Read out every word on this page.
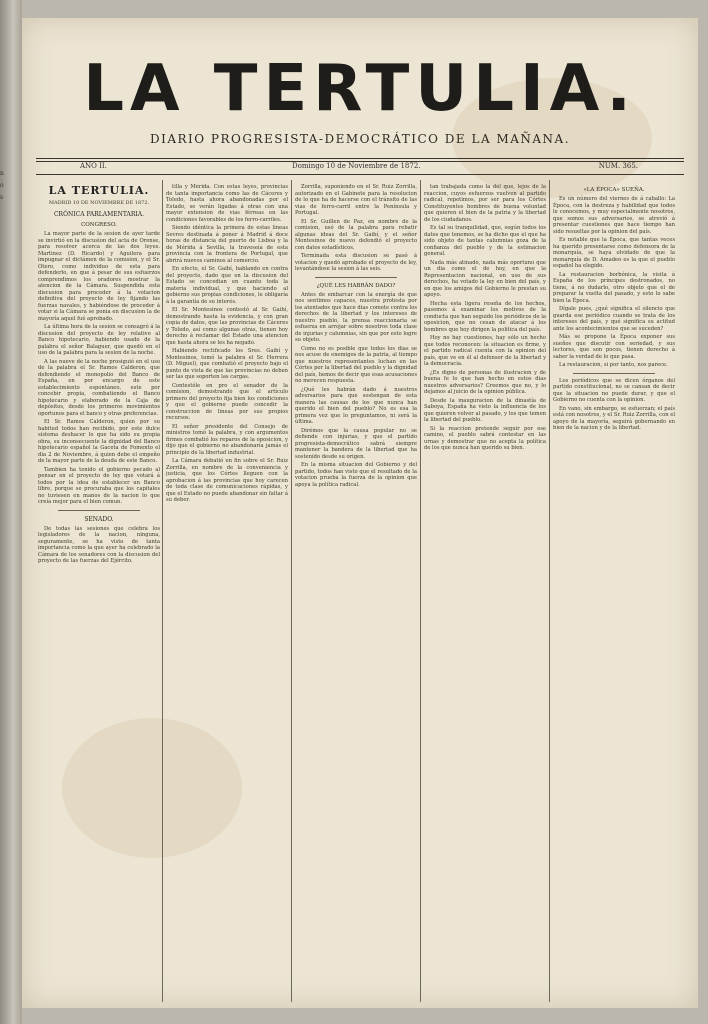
n
o
s
LA TERTULIA.
DIARIO PROGRESISTA-DEMOCRÁTICO DE LA MAÑANA.
AÑO II.	Domingo 10 de Noviembre de 1872.	NÚM. 365.
LA TERTULIA.
MADRID 10 DE NOVIEMBRE DE 1872.
CRÓNICA PARLAMENTARIA.
CONGRESO.

La mayor parte de la sesion de ayer tarde se invirtió en la discusion del acta de Orense, para resolver acerca de las dos leyes. Martinez (D. Ricardo) y Aguilera para impugnar el dictámen de la comision, y el Sr. Otero, como individuo de esta para defenderlo, en que á pesar de sus esfuerzos comprendimos los oradores mostrar la atencion de la Cámara. Suspendida esta discusion para proceder á la votacion definitiva del proyecto de ley fijando las fuerzas navales, y habiéndose de proceder á votar si la Cámara se ponia en discusion la de mayoría aquel fué aprobado.

La última hora de la sesion se consagró á la discusion del proyecto de ley relativo al Banco hipotecario, habiendo usado de la palabra el señor Balaguer, que quedó en el uso de la palabra para la sesion de la noche.

A las nueve de la noche prosiguió en el uso de la palabra el Sr. Ramos Calderon, que defendiendo el monopolio del Banco de España, en por encargo de este establecimiento espontáneo, este por concebir propia, combatiendo el Banco hipotecario y elaborado de la Caja de depósitos, desde los primeros movimientos oportunos para el banco y otras preferencias.

El Sr. Ramos Calderon, quien por su habitud todos han recibido, por este dulce sistema deshacer lo que ha sido su propia obra, su inconsecuente la dignidad del Banco hipotecario español la Gaceta de Fomento el dia 2 de Noviembre, á quien debe el empeño de la mayor parte de la deuda de este Banco.

Tambien ha tenido el gobierno pecado al pensar en el proyecto de ley que votará á todos por la idea de establecer un Banco libre, porque se procuraba que los capitales no tuviesen en manos de la nacion lo que creía mejor para el bien comun.

SENADO.

De todas las sesiones que celebra los legisladores de la nacion, ninguna, seguramente, se ha visto de tanta importancia como la que ayer ha celebrado la Cámara de los senadores con la discusion del proyecto de las fuerzas del Ejército.

tilla y Mérida. Con estas leyes, provincias de tanta importancia como las de Cáceres y Toledo, hasta ahora abandonadas por el Estado, se verán ligadas á otras con una mayor extension de vias férreas en las condiciones favorables de los ferro-carriles.

Siendo idéntica la primera de estas lineas Sevres destinada á poner á Madrid á doce horas de distancia del puerto de Lisboa y la de Mérida á Sevilla, la traveseía de esta provincia con la frontera de Portugal, que abrirá nuevos caminos al comercio.

En efecto, el Sr. Gaibí, hablando en contra del proyecto, dado que en la discusion del Estado se concedian en cuanto toda la materia individual, y que haciendo al gobierno sus propias condiciones, le obligaría á la garantía de su interés.

El Sr. Montesinos contestó al Sr. Gaibí, demostrando hasta la evidencia, y con gran copia de datos, que las provincias de Cáceres y Toledo, así como algunas otras, tienen hoy derecho á reclamar del Estado una atencion que hasta ahora se les ha negado.

Habiendo rectificado los Sres. Gaibí y Montesinos, tomó la palabra el Sr. Herrera (D. Miguel), que combatió el proyecto bajo el punto de vista de que las provincias no deben ser las que soporten las cargas.

Contestóle en pro el senador de la comision, demostrando que el artículo primero del proyecto fija bien los condiciones y que el gobierno puede concedir la construccion de lineas por sus propios recursos.

El señor presidente del Consejo de ministros tomó la palabra, y con argumentos firmes combatió los reparos de la oposicion, y dijo que el gobierno no abandonaría jamás el principio de la libertad industrial.

La Cámara debatió en fin sobre el Sr. Ruiz Zorrilla, en nombre de la conveniencia y justicia, que los Córtes lleguen con la aprobacion á las provincias que hoy carecen de toda clase de comunicaciones rápidas, y que el Estado no puede abandonar sin faltar á su deber.

Zorrilla, suponiendo en el Sr. Ruiz Zorrilla, autorizado en el Gabinete para la resolucion de lo que ha de hacerse con el tránsito de las vias de ferro-carril entre la Península y Portugal.

El Sr. Guillen de Paz, en nombre de la comision, usó de la palabra para rebatir algunas ideas del Sr. Gaibí, y el señor Montesinos de nuevo defendió el proyecto con datos estadísticos.

Terminada esta discusion se pasó á votacion y quedó aprobado el proyecto de ley, levantándose la sesion á las seis.

¿QUÉ LES HABRÁN DADO?

Antes de embarcar con la energía de que nos sentimos capaces, nuestra protesta por los atentados que hace dias comete contra los derechos de la libertad y los intereses de nuestro pueblo, la prensa reaccionaria se esfuerza en arrojar sobre nosotros toda clase de injurias y calumnias, sin que por esto logre su objeto.

Como no es posible que todos los dias se nos acuse de enemigos de la patria, al tiempo que nuestros representantes luchan en las Córtes por la libertad del pueblo y la dignidad del país, hemos de decir que esas acusaciones no merecen respuesta.

¿Qué les habrán dado á nuestros adversarios para que sostengan de esta manera las causas de los que nunca han querido el bien del pueblo? No es esa la primera vez que lo preguntamos, ni será la última.

Dirémos que la causa popular no se defiende con injurias, y que el partido progresista-democrático sabrá siempre mantener la bandera de la libertad que ha sostenido desde su origen.

En la misma situacion del Gobierno y del partido, todos han visto que el resultado de la votacion prueba la fuerza de la opinion que apoya la política radical.

tan trabajada como la del que, lejos de la reaccion, cuyos esfuerzos vuelven al partido radical, repetimos, por ser para los Córtes Constituyentes hombres de buena voluntad que quieren el bien de la patria y la libertad de los ciudadanos.

Es tal su tranquilidad, que, según todos los datos que tenemos, se ha dicho que el que ha sido objeto de tantas calumnias goza de la confianza del pueblo y de la estimacion general.

Nada más atinado, nada más oportuno que un dia como el de hoy, en que la Representacion nacional, en uso de sus derechos, ha votado la ley en bien del país, y en que los amigos del Gobierno le prestan su apoyo.

Hecha esta ligera reseña de los hechos, pasemos á examinar los motivos de la conducta que han seguido los periódicos de la oposicion, que no cesan de atacar á los hombres que hoy dirigen la política del país.

Hoy no hay cuestiones, hay sólo un hecho que todos reconocen: la situacion es firme, y el partido radical cuenta con la opinion del país, que ve en él al defensor de la libertad y la democracia.

¿Es digno de personas de ilustracion y de buena fe lo que han hecho en estos dias nuestros adversarios? Creemos que no, y lo dejamos al juicio de la opinion pública.

Desde la inauguracion de la dinastía de Saboya, España ha visto la influencia de los que quieren volver al pasado, y los que temen la libertad del pueblo.

Si la reaccion pretende seguir por ese camino, el pueblo sabrá contestar en las urnas y demostrar que no acepta la política de los que nunca han querido su bien.

«LA ÉPOCA» SUEÑA.

Es un número del viernes de á caballo: La Época, con la destreza y habilidad que todos le conocemos, y muy especialmente nosotros, que somos sus adversarios, se atrevió á presentar cuestiones que hace tiempo han sido resueltas por la opinion del país.

Es notable que la Época, que tantas veces ha querido presentarse como defensora de la monarquía, se haya olvidado de que la monarquía de D. Amadeo es la que el pueblo español ha elegido.

La restauracion borbónica, la visita á España de los príncipes destronados, no tiene, á no dudarlo, otro objeto que el de preparar la vuelta del pasado, y esto lo sabe bien la Época.

Dígale pues, ¿qué significa el silencio que guarda ese periódico cuando se trata de los intereses del país, y qué significa su actitud ante los acontecimientos que se suceden?

Más se propone la Época exponer sus sueños que discutir con seriedad, y sus lectores, que son pocos, tienen derecho á saber la verdad de lo que pasa.

La restauracion, si por tanto, nos parece.

Los periódicos que se dicen órganos del partido constitucional, no se cansan de decir que la situacion no puede durar, y que el Gobierno no cuenta con la opinion.

En vano, sin embargo, se esfuerzan; el país está con nosotros, y el Sr. Ruiz Zorrilla, con el apoyo de la mayoría, seguirá gobernando en bien de la nacion y de la libertad.
